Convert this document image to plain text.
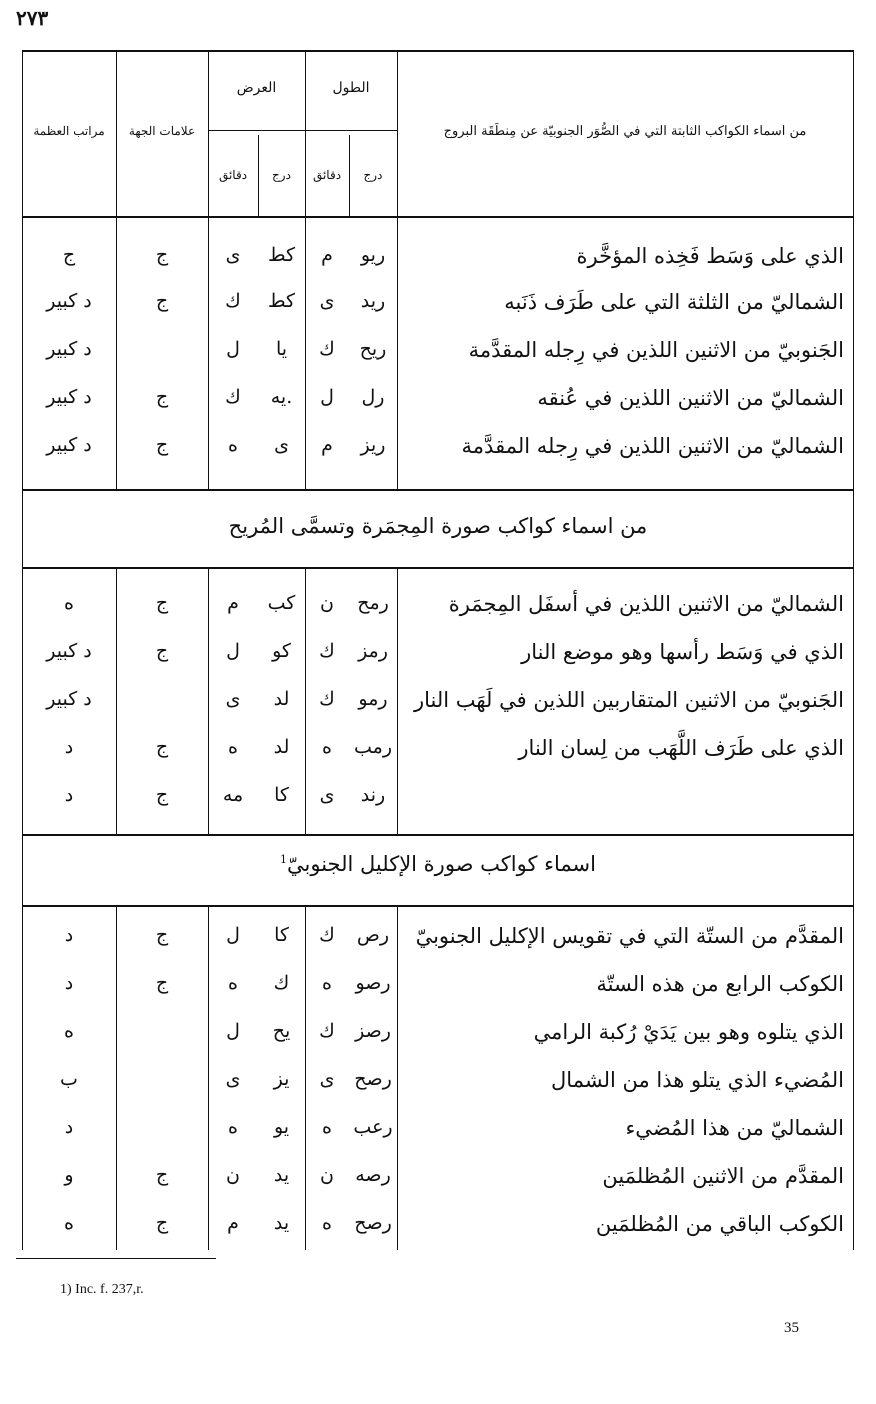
٢٧٣
من اسماء الكواكب الثابتة التي في الصُّوَر الجنوبيّة عن مِنطَقَة البروج
الطول
العرض
درج
دقائق
درج
دقائق
علامات الجهة
مراتب العظمة
من اسماء كواكب صورة المِجمَرة وتسمَّى المُريح
اسماء كواكب صورة الإكليل الجنوبيّ$^1$
الذي على وَسَط فَخِذه المؤخَّرة
ريو
م
كط
ى
ج
ج
الشماليّ من الثلثة التي على طَرَف ذَنَبه
ريد
ى
كط
ك
ج
د كبير
الجَنوبيّ من الاثنين اللذين في رِجله المقدَّمة
ريح
ك
يا
ل
د كبير
الشماليّ من الاثنين اللذين في عُنقه
رل
ل
يه.
ك
ج
د كبير
الشماليّ من الاثنين اللذين في رِجله المقدَّمة
ريز
م
ى
ه
ج
د كبير
الشماليّ من الاثنين اللذين في أسفَل المِجمَرة
رمح
ن
كب
م
ج
ه
الذي في وَسَط رأسها وهو موضع النار
رمز
ك
كو
ل
ج
د كبير
الجَنوبيّ من الاثنين المتقاربين اللذين في لَهَب النار
رمو
ك
لد
ى
د كبير
الذي على طَرَف اللَّهَب من لِسان النار
رمب
ه
لد
ه
ج
د
رند
ى
كا
مه
ج
د
المقدَّم من الستّة التي في تقويس الإكليل الجنوبيّ
رص
ك
كا
ل
ج
د
الكوكب الرابع من هذه الستّة
رصو
ه
ك
ه
ج
د
الذي يتلوه وهو بين يَدَيْ رُكبة الرامي
رصز
ك
يح
ل
ه
المُضيء الذي يتلو هذا من الشمال
رصح
ى
يز
ى
ب
الشماليّ من هذا المُضيء
رعب
ه
يو
ه
د
المقدَّم من الاثنين المُظلمَين
رصه
ن
يد
ن
ج
و
الكوكب الباقي من المُظلمَين
رصح
ه
يد
م
ج
ه
1) Inc. f. 237,r.
35
